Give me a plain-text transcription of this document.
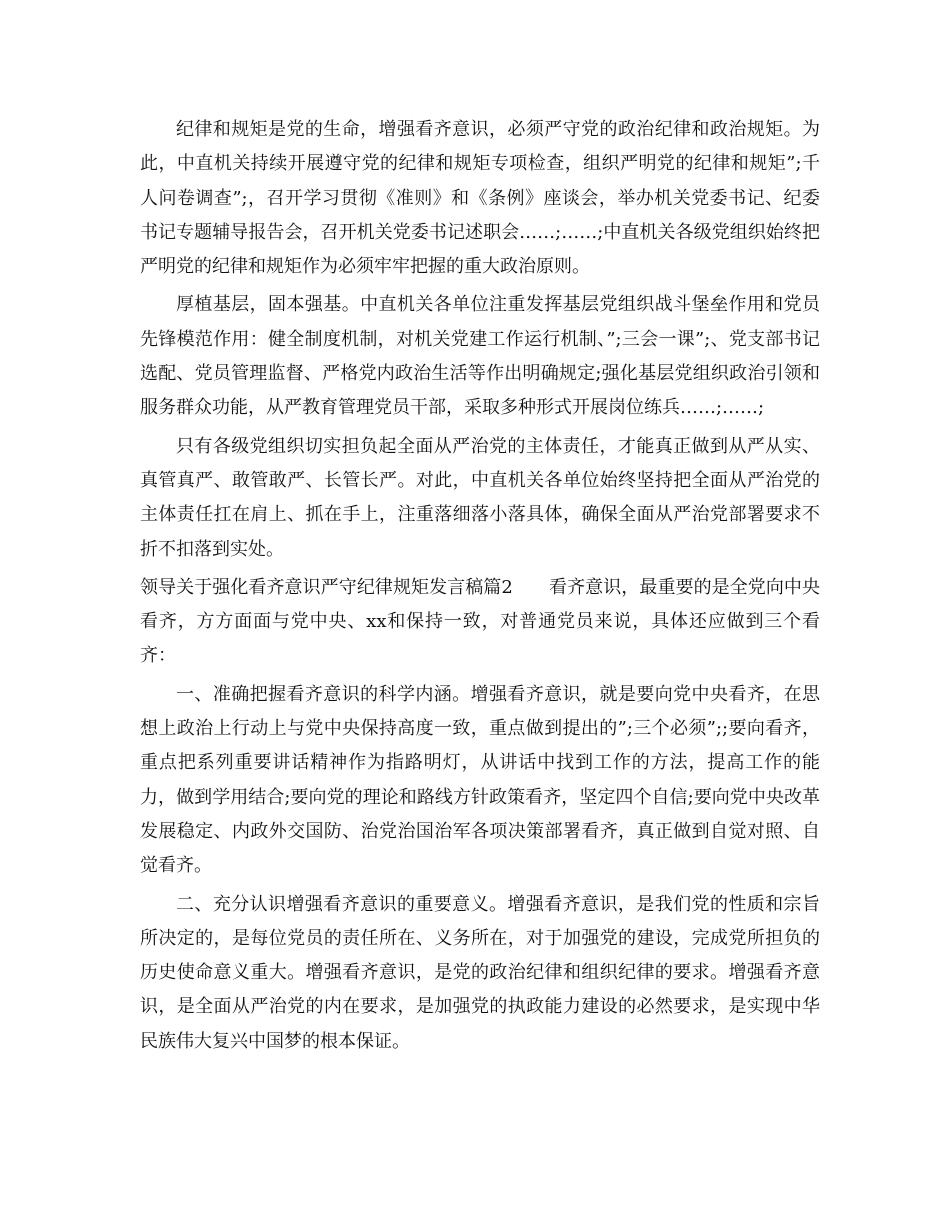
纪律和规矩是党的生命，增强看齐意识，必须严守党的政治纪律和政治规矩。为此，中直机关持续开展遵守党的纪律和规矩专项检查，组织严明党的纪律和规矩”;千人问卷调查”;，召开学习贯彻《准则》和《条例》座谈会，举办机关党委书记、纪委书记专题辅导报告会，召开机关党委书记述职会……;……;中直机关各级党组织始终把严明党的纪律和规矩作为必须牢牢把握的重大政治原则。

厚植基层，固本强基。中直机关各单位注重发挥基层党组织战斗堡垒作用和党员先锋模范作用：健全制度机制，对机关党建工作运行机制、”;三会一课”;、党支部书记选配、党员管理监督、严格党内政治生活等作出明确规定;强化基层党组织政治引领和服务群众功能，从严教育管理党员干部，采取多种形式开展岗位练兵……;……;

只有各级党组织切实担负起全面从严治党的主体责任，才能真正做到从严从实、真管真严、敢管敢严、长管长严。对此，中直机关各单位始终坚持把全面从严治党的主体责任扛在肩上、抓在手上，注重落细落小落具体，确保全面从严治党部署要求不折不扣落到实处。

领导关于强化看齐意识严守纪律规矩发言稿篇2　　看齐意识，最重要的是全党向中央看齐，方方面面与党中央、xx和保持一致，对普通党员来说，具体还应做到三个看齐：

一、准确把握看齐意识的科学内涵。增强看齐意识，就是要向党中央看齐，在思想上政治上行动上与党中央保持高度一致，重点做到提出的”;三个必须”;;要向看齐，重点把系列重要讲话精神作为指路明灯，从讲话中找到工作的方法，提高工作的能力，做到学用结合;要向党的理论和路线方针政策看齐，坚定四个自信;要向党中央改革发展稳定、内政外交国防、治党治国治军各项决策部署看齐，真正做到自觉对照、自觉看齐。

二、充分认识增强看齐意识的重要意义。增强看齐意识，是我们党的性质和宗旨所决定的，是每位党员的责任所在、义务所在，对于加强党的建设，完成党所担负的历史使命意义重大。增强看齐意识，是党的政治纪律和组织纪律的要求。增强看齐意识，是全面从严治党的内在要求，是加强党的执政能力建设的必然要求，是实现中华民族伟大复兴中国梦的根本保证。
